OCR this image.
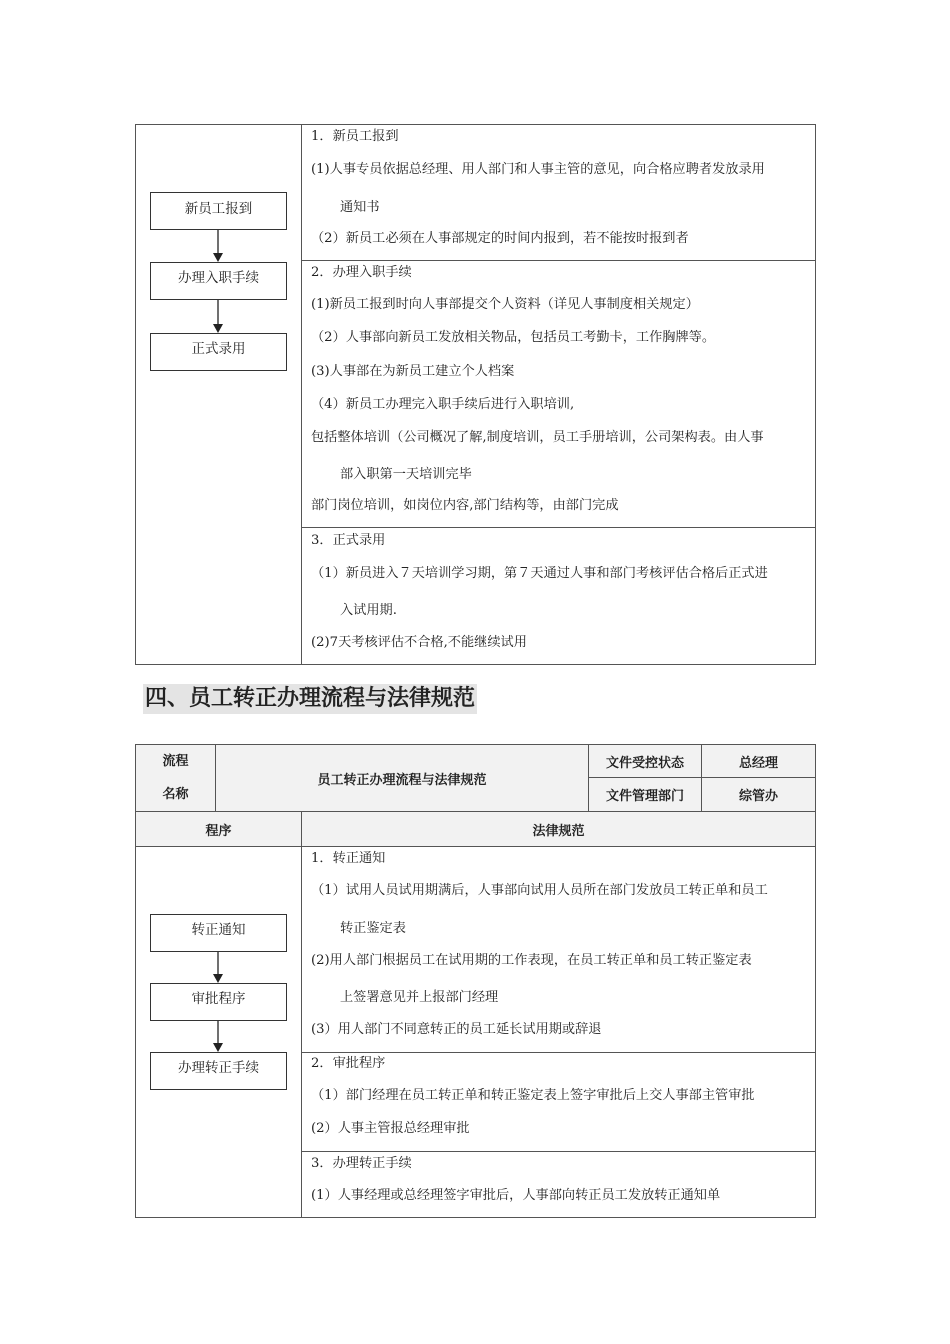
新员工报到
办理入职手续
正式录用
1．新员工报到
(1)人事专员依据总经理、用人部门和人事主管的意见，向合格应聘者发放录用
通知书
（2）新员工必须在人事部规定的时间内报到，若不能按时报到者
2．办理入职手续
(1)新员工报到时向人事部提交个人资料（详见人事制度相关规定）
（2）人事部向新员工发放相关物品，包括员工考勤卡，工作胸牌等。
(3)人事部在为新员工建立个人档案
（4）新员工办理完入职手续后进行入职培训,
包括整体培训（公司概况了解,制度培训，员工手册培训，公司架构表。由人事
部入职第一天培训完毕
部门岗位培训，如岗位内容,部门结构等，由部门完成
3．正式录用
（1）新员进入７天培训学习期，第７天通过人事和部门考核评估合格后正式进
入试用期.
(2)7天考核评估不合格,不能继续试用
四、员工转正办理流程与法律规范
流程
名称
员工转正办理流程与法律规范
文件受控状态	总经理
文件管理部门	综管办
程序	法律规范
转正通知
审批程序
办理转正手续
1．转正通知
（1）试用人员试用期满后，人事部向试用人员所在部门发放员工转正单和员工
转正鉴定表
(2)用人部门根据员工在试用期的工作表现，在员工转正单和员工转正鉴定表
上签署意见并上报部门经理
(3）用人部门不同意转正的员工延长试用期或辞退
2．审批程序
（1）部门经理在员工转正单和转正鉴定表上签字审批后上交人事部主管审批
(2）人事主管报总经理审批
3．办理转正手续
(1）人事经理或总经理签字审批后，人事部向转正员工发放转正通知单
